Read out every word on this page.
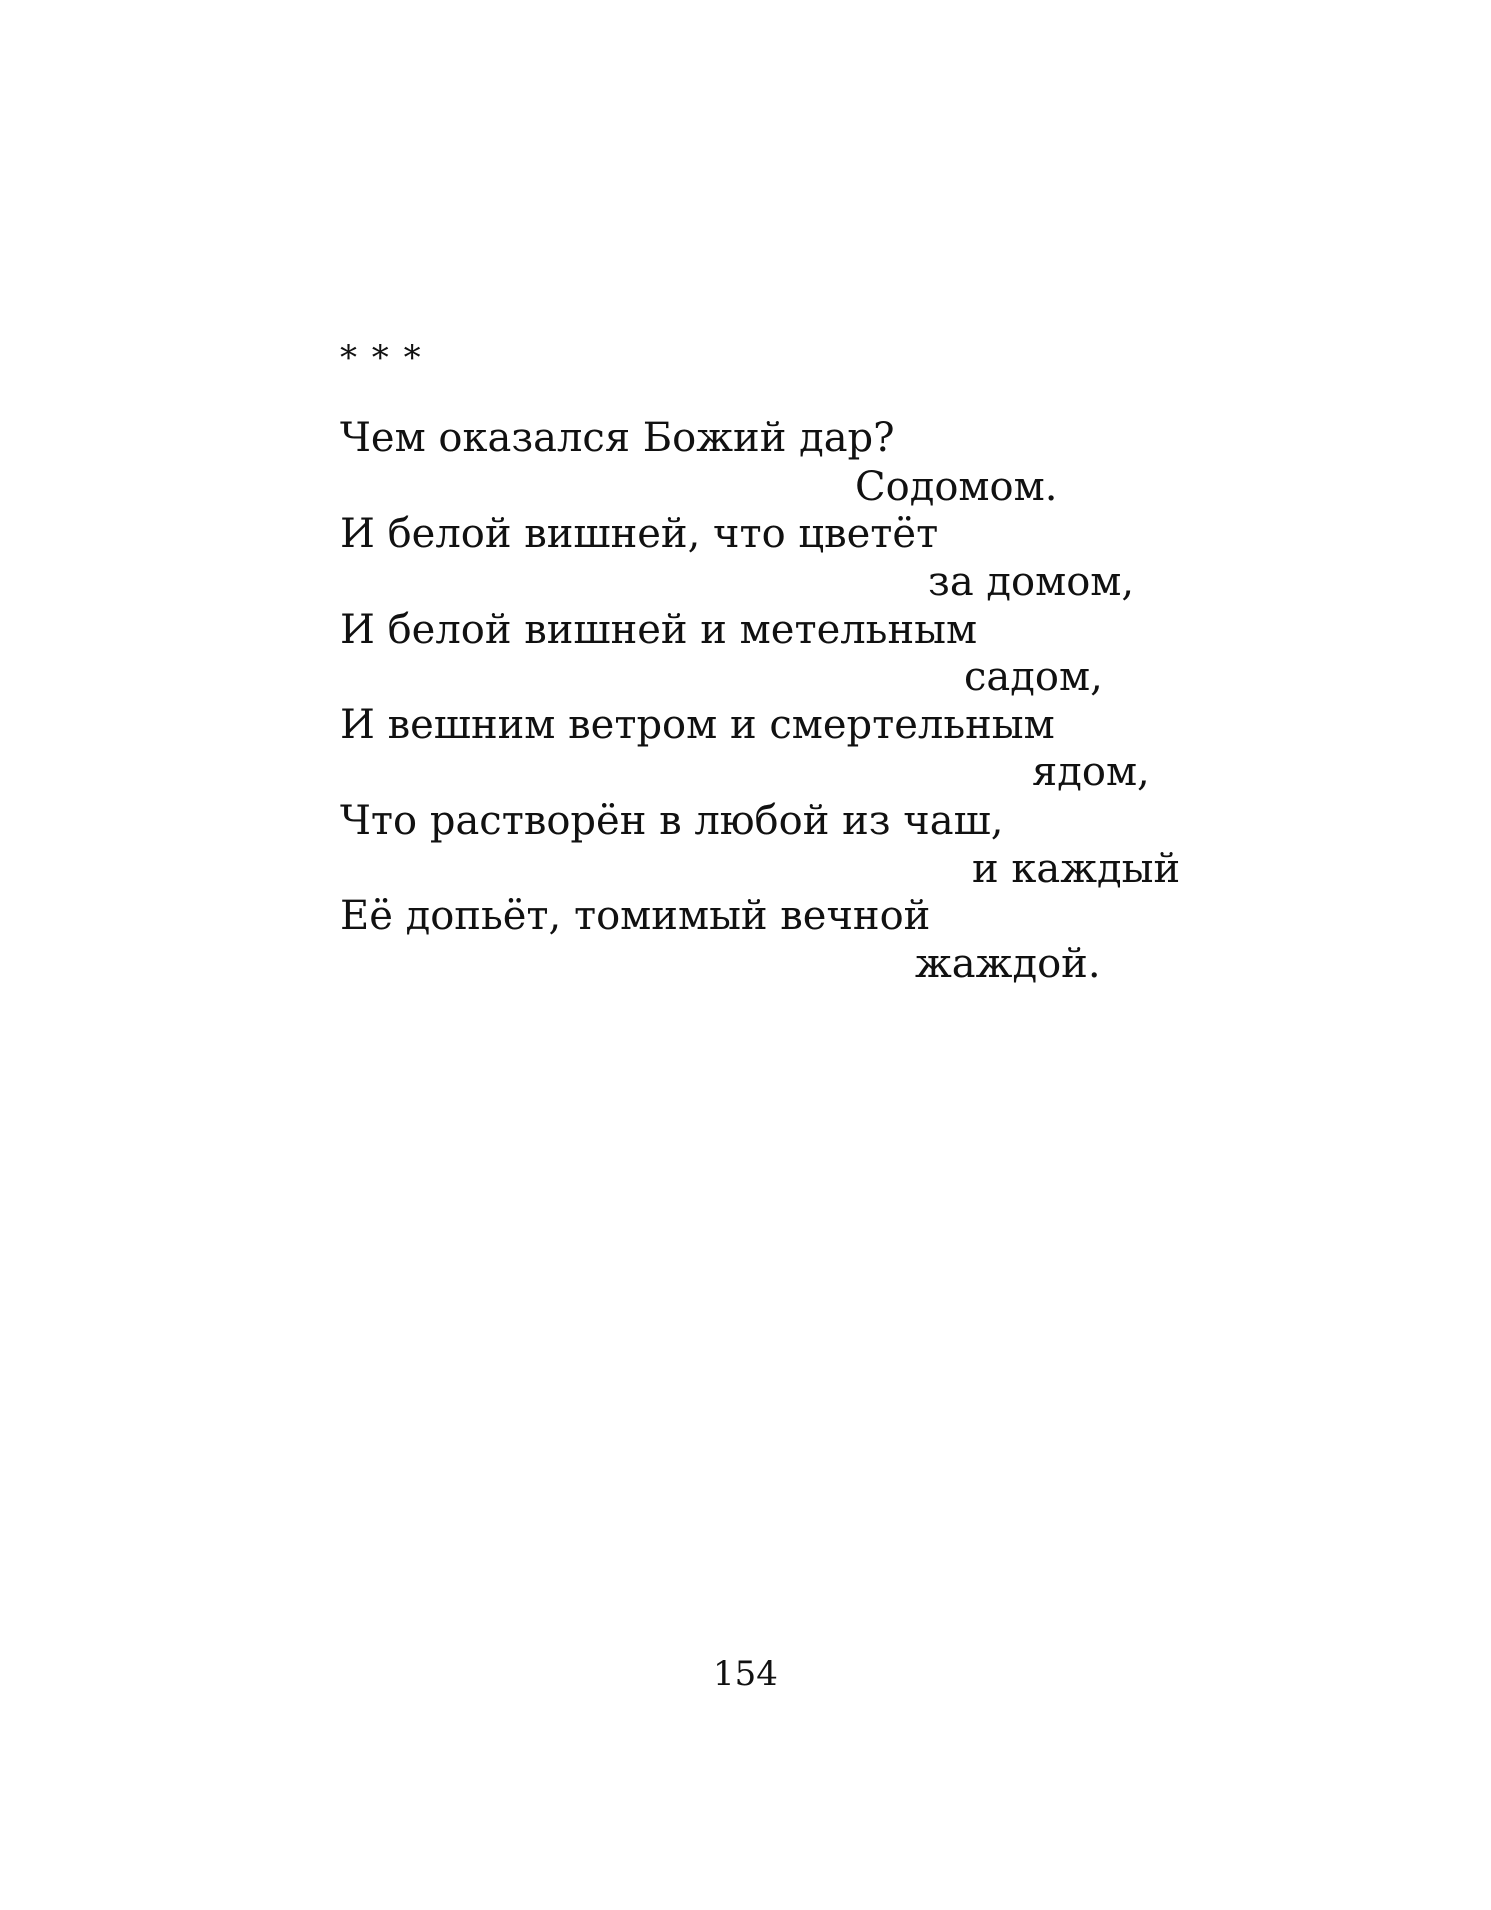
* * *
Чем оказался Божий дар?
Содомом.
И белой вишней, что цветёт
за домом,
И белой вишней и метельным
садом,
И вешним ветром и смертельным
ядом,
Что растворён в любой из чаш,
и каждый
Её допьёт, томимый вечной
жаждой.
154
